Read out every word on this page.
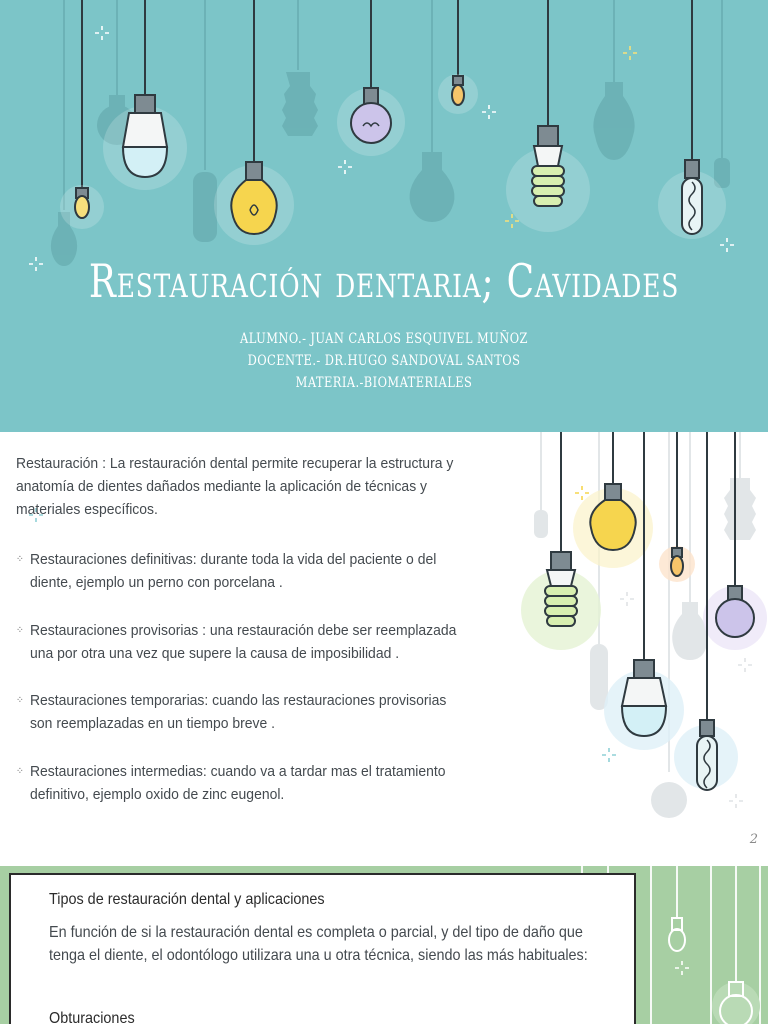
Restauración dentaria; Cavidades
ALUMNO.- JUAN CARLOS ESQUIVEL MUÑOZ
DOCENTE.- DR.HUGO SANDOVAL SANTOS
MATERIA.-BIOMATERIALES
Restauración : La restauración dental permite recuperar la estructura y anatomía de dientes dañados mediante la aplicación de técnicas y materiales específicos.
⁘ Restauraciones definitivas: durante toda la vida del paciente o del diente, ejemplo un perno con porcelana .
⁘ Restauraciones provisorias : una restauración debe ser reemplazada una por otra una vez que supere la causa de imposibilidad .
⁘ Restauraciones temporarias: cuando las restauraciones provisorias son reemplazadas en un tiempo breve .
⁘ Restauraciones intermedias: cuando va a tardar mas el tratamiento definitivo, ejemplo oxido de zinc eugenol.
2
Tipos de restauración dental y aplicaciones
En función de si la restauración dental es completa o parcial, y del tipo de daño que tenga el diente, el odontólogo utilizara una u otra técnica, siendo las más habituales:
Obturaciones
